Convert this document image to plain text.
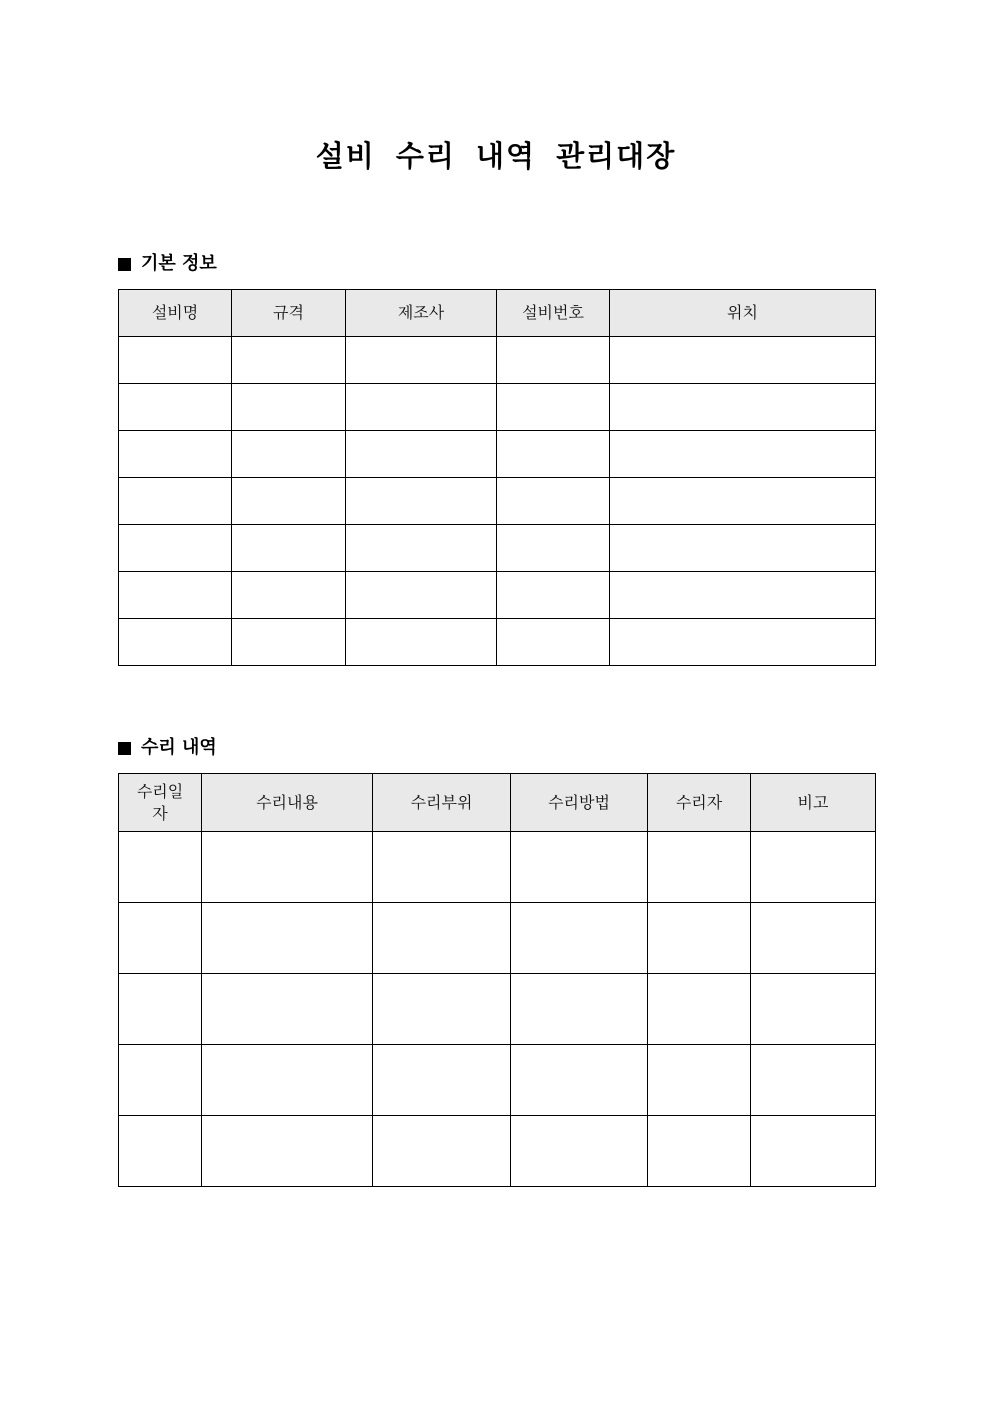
설비 수리 내역 관리대장
기본 정보
설비명	규격	제조사	설비번호	위치

수리 내역
수리일자	수리내용	수리부위	수리방법	수리자	비고
